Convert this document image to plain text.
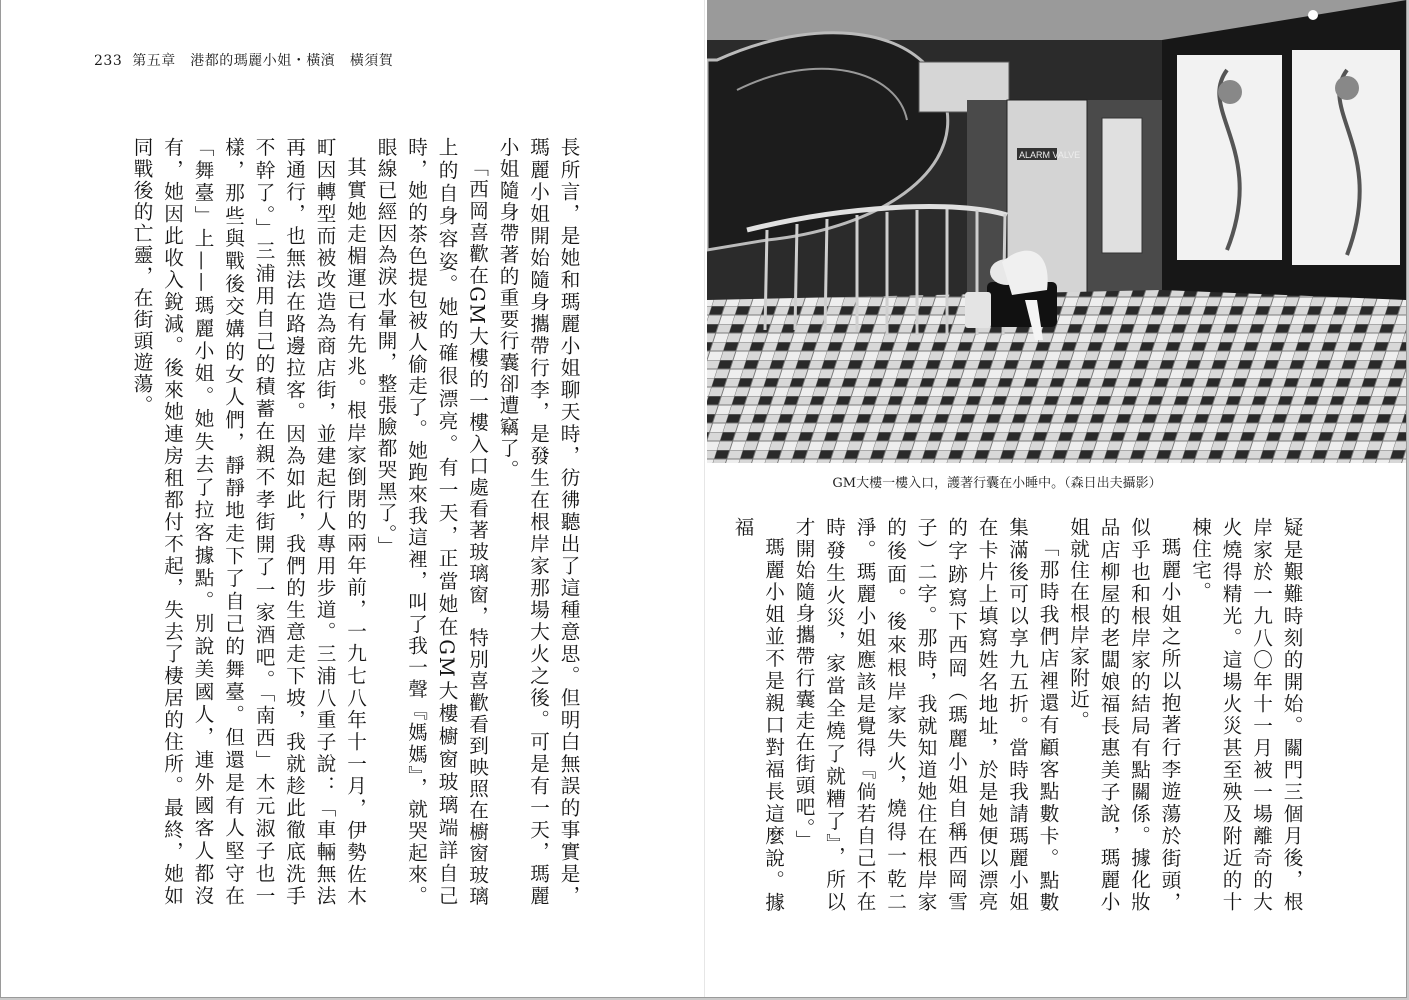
233 第五章　港都的瑪麗小姐・橫濱　橫須賀

長所言，是她和瑪麗小姐聊天時，彷彿聽出了這種意思。但明白無誤的事實是，瑪麗小姐開始隨身攜帶行李，是發生在根岸家那場大火之後。可是有一天，瑪麗小姐隨身帶著的重要行囊卻遭竊了。

「西岡喜歡在GM大樓的一樓入口處看著玻璃窗，特別喜歡看到映照在櫥窗玻璃上的自身容姿。她的確很漂亮。有一天，正當她在GM大樓櫥窗玻璃端詳自己時，她的茶色提包被人偷走了。她跑來我這裡，叫了我一聲『媽媽』，就哭起來。眼線已經因為淚水暈開，整張臉都哭黑了。」

其實她走楣運已有先兆。根岸家倒閉的兩年前，一九七八年十一月，伊勢佐木町因轉型而被改造為商店街，並建起行人專用步道。三浦八重子說：「車輛無法再通行，也無法在路邊拉客。因為如此，我們的生意走下坡，我就趁此徹底洗手不幹了。」三浦用自己的積蓄在親不孝街開了一家酒吧。「南西」木元淑子也一樣，那些與戰後交媾的女人們，靜靜地走下了自己的舞臺。但還是有人堅守在「舞臺」上——瑪麗小姐。她失去了拉客據點。別說美國人，連外國客人都沒有，她因此收入銳減。後來她連房租都付不起，失去了棲居的住所。最終，她如同戰後的亡靈，在街頭遊蕩。	ALARM VALVE
GM大樓一樓入口，護著行囊在小睡中。（森日出夫攝影）

疑是艱難時刻的開始。關門三個月後，根岸家於一九八〇年十一月被一場離奇的大火燒得精光。這場火災甚至殃及附近的十棟住宅。

瑪麗小姐之所以抱著行李遊蕩於街頭，似乎也和根岸家的結局有點關係。據化妝品店柳屋的老闆娘福長惠美子說，瑪麗小姐就住在根岸家附近。

「那時我們店裡還有顧客點數卡。點數集滿後可以享九五折。當時我請瑪麗小姐在卡片上填寫姓名地址，於是她便以漂亮的字跡寫下西岡（瑪麗小姐自稱西岡雪子）二字。那時，我就知道她住在根岸家的後面。後來根岸家失火，燒得一乾二淨。瑪麗小姐應該是覺得『倘若自己不在時發生火災，家當全燒了就糟了』，所以才開始隨身攜帶行囊走在街頭吧。」

瑪麗小姐並不是親口對福長這麼說。據福
